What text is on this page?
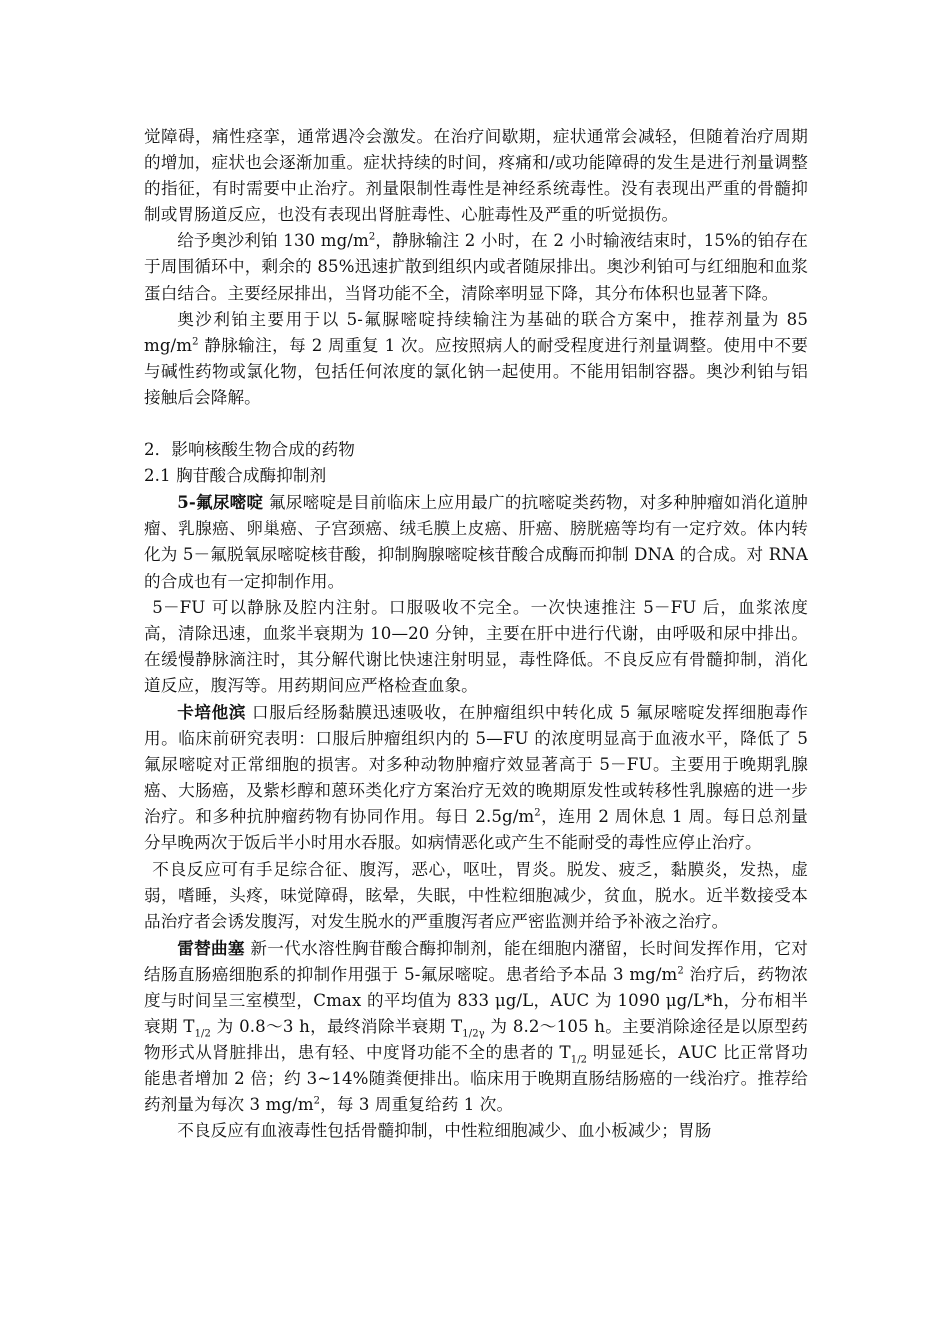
觉障碍，痛性痉挛，通常遇冷会激发。在治疗间歇期，症状通常会减轻，但随着治疗周期的增加，症状也会逐渐加重。症状持续的时间，疼痛和/或功能障碍的发生是进行剂量调整的指征，有时需要中止治疗。剂量限制性毒性是神经系统毒性。没有表现出严重的骨髓抑制或胃肠道反应，也没有表现出肾脏毒性、心脏毒性及严重的听觉损伤。

给予奥沙利铂 130 $mg/m^2$，静脉输注 2 小时，在 2 小时输液结束时，15%的铂存在于周围循环中，剩余的 85%迅速扩散到组织内或者随尿排出。奥沙利铂可与红细胞和血浆蛋白结合。主要经尿排出，当肾功能不全，清除率明显下降，其分布体积也显著下降。

奥沙利铂主要用于以 5-氟脲嘧啶持续输注为基础的联合方案中，推荐剂量为 85 $mg/m^2$ 静脉输注，每 2 周重复 1 次。应按照病人的耐受程度进行剂量调整。使用中不要与碱性药物或氯化物，包括任何浓度的氯化钠一起使用。不能用铝制容器。奥沙利铂与铝接触后会降解。

2．影响核酸生物合成的药物

2.1 胸苷酸合成酶抑制剂

5-氟尿嘧啶 氟尿嘧啶是目前临床上应用最广的抗嘧啶类药物，对多种肿瘤如消化道肿瘤、乳腺癌、卵巢癌、子宫颈癌、绒毛膜上皮癌、肝癌、膀胱癌等均有一定疗效。体内转化为 5－氟脱氧尿嘧啶核苷酸，抑制胸腺嘧啶核苷酸合成酶而抑制 DNA 的合成。对 RNA 的合成也有一定抑制作用。

5－FU 可以静脉及腔内注射。口服吸收不完全。一次快速推注 5－FU 后，血浆浓度高，清除迅速，血浆半衰期为 10—20 分钟，主要在肝中进行代谢，由呼吸和尿中排出。在缓慢静脉滴注时，其分解代谢比快速注射明显，毒性降低。不良反应有骨髓抑制，消化道反应，腹泻等。用药期间应严格检查血象。

卡培他滨 口服后经肠黏膜迅速吸收，在肿瘤组织中转化成 5 氟尿嘧啶发挥细胞毒作用。临床前研究表明：口服后肿瘤组织内的 5—FU 的浓度明显高于血液水平，降低了 5 氟尿嘧啶对正常细胞的损害。对多种动物肿瘤疗效显著高于 5－FU。主要用于晚期乳腺癌、大肠癌，及紫杉醇和蒽环类化疗方案治疗无效的晚期原发性或转移性乳腺癌的进一步治疗。和多种抗肿瘤药物有协同作用。每日 $2.5g/m^2$，连用 2 周休息 1 周。每日总剂量分早晚两次于饭后半小时用水吞服。如病情恶化或产生不能耐受的毒性应停止治疗。

不良反应可有手足综合征、腹泻，恶心，呕吐，胃炎。脱发、疲乏，黏膜炎，发热，虚弱，嗜睡，头疼，味觉障碍，眩晕，失眠，中性粒细胞减少，贫血，脱水。近半数接受本品治疗者会诱发腹泻，对发生脱水的严重腹泻者应严密监测并给予补液之治疗。

雷替曲塞 新一代水溶性胸苷酸合酶抑制剂，能在细胞内潴留，长时间发挥作用，它对结肠直肠癌细胞系的抑制作用强于 5-氟尿嘧啶。患者给予本品 3 $mg/m^2$ 治疗后，药物浓度与时间呈三室模型，Cmax 的平均值为 833 μg/L，AUC 为 1090 μg/L*h，分布相半衰期 $T_{1/2}$ 为 0.8～3 h，最终消除半衰期 $T_{1/2\gamma}$ 为 8.2～105 h。主要消除途径是以原型药物形式从肾脏排出，患有轻、中度肾功能不全的患者的 $T_{1/2}$ 明显延长，AUC 比正常肾功能患者增加 2 倍；约 3~14%随粪便排出。临床用于晚期直肠结肠癌的一线治疗。推荐给药剂量为每次 3 $mg/m^2$，每 3 周重复给药 1 次。

不良反应有血液毒性包括骨髓抑制，中性粒细胞减少、血小板减少；胃肠
